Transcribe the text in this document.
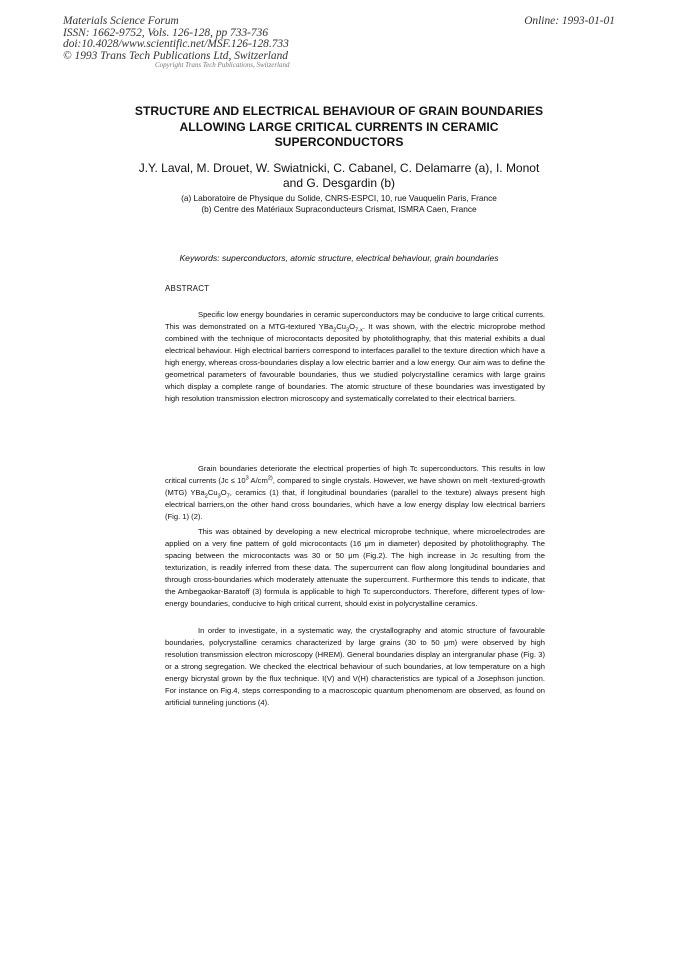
Materials Science Forum
ISSN: 1662-9752, Vols. 126-128, pp 733-736
doi:10.4028/www.scientific.net/MSF.126-128.733
© 1993 Trans Tech Publications Ltd, Switzerland
Online: 1993-01-01
Copyright Trans Tech Publications, Switzerland
STRUCTURE AND ELECTRICAL BEHAVIOUR OF GRAIN BOUNDARIES
ALLOWING LARGE CRITICAL CURRENTS IN CERAMIC
SUPERCONDUCTORS
J.Y. Laval, M. Drouet, W. Swiatnicki, C. Cabanel, C. Delamarre (a), I. Monot
and G. Desgardin (b)
(a) Laboratoire de Physique du Solide, CNRS-ESPCI, 10, rue Vauquelin Paris, France
(b) Centre des Matériaux Supraconducteurs Crismat, ISMRA Caen, France
Keywords: superconductors, atomic structure, electrical behaviour, grain boundaries
ABSTRACT

Specific low energy boundaries in ceramic superconductors may be conducive to large critical currents. This was demonstrated on a MTG-textured $YBa_2Cu_3O_{7-x}$. It was shown, with the electric microprobe method combined with the technique of microcontacts deposited by photolithography, that this material exhibits a dual electrical behaviour. High electrical barriers correspond to interfaces parallel to the texture direction which have a high energy, whereas cross-boundaries display a low electric barrier and a low energy. Our aim was to define the geometrical parameters of favourable boundaries, thus we studied polycrystalline ceramics with large grains which display a complete range of boundaries. The atomic structure of these boundaries was investigated by high resolution transmission electron microscopy and systematically correlated to their electrical barriers.

Grain boundaries deteriorate the electrical properties of high Tc superconductors. This results in low critical currents ($Jc \le 10^3$ $A/cm^{2)}$, compared to single crystals. However, we have shown on melt -textured-growth (MTG) $YBa_2Cu_3O_7$, ceramics (1) that, if longitudinal boundaries (parallel to the texture) always present high electrical barriers,on the other hand cross boundaries, which have a low energy display low electrical barriers (Fig. 1) (2).

This was obtained by developing a new electrical microprobe technique, where microelectrodes are applied on a very fine pattern of gold microcontacts (16 μm in diameter) deposited by photolithography. The spacing between the microcontacts was 30 or 50 μm (Fig.2). The high increase in Jc resulting from the texturization, is readily inferred from these data. The supercurrent can flow along longitudinal boundaries and through cross-boundaries which moderately attenuate the supercurrent. Furthermore this tends to indicate, that the Ambegaokar-Baratoff (3) formula is applicable to high Tc superconductors. Therefore, different types of low-energy boundaries, conducive to high critical current, should exist in polycrystalline ceramics.

In order to investigate, in a systematic way, the crystallography and atomic structure of favourable boundaries, polycrystalline ceramics characterized by large grains (30 to 50 μm) were observed by high resolution transmission electron microscopy (HREM). General boundaries display an intergranular phase (Fig. 3) or a strong segregation. We checked the electrical behaviour of such boundaries, at low temperature on a high energy bicrystal grown by the flux technique. I(V) and V(H) characteristics are typical of a Josephson junction. For instance on Fig.4, steps corresponding to a macroscopic quantum phenomenom are observed, as found on artificial tunneling junctions (4).
